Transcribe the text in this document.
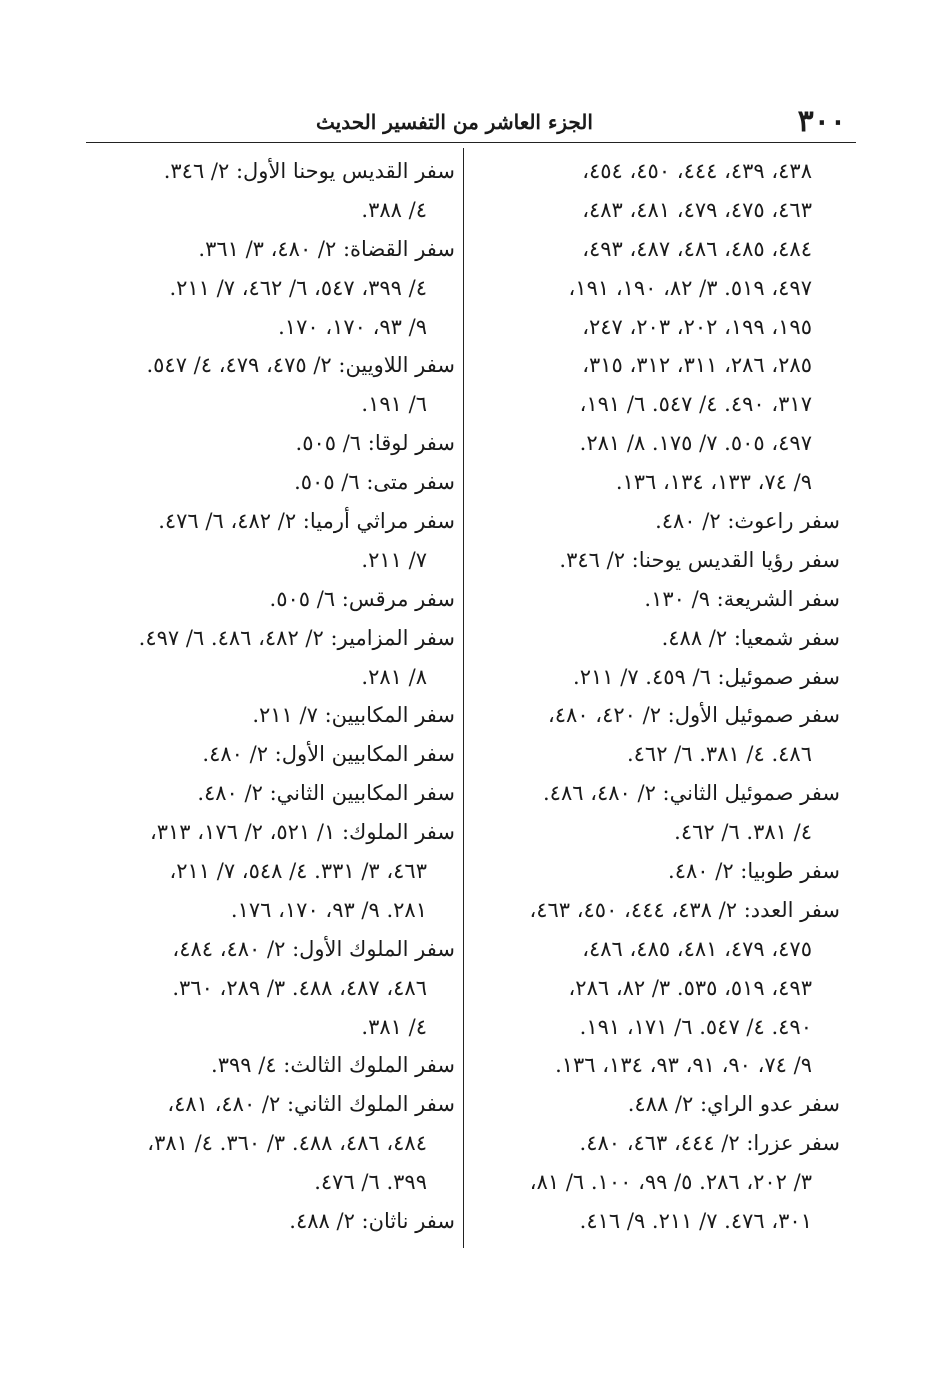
٣٠٠
الجزء العاشر من التفسير الحديث
٤٣٨، ٤٣٩، ٤٤٤، ٤٥٠، ٤٥٤،
٤٦٣، ٤٧٥، ٤٧٩، ٤٨١، ٤٨٣،
٤٨٤، ٤٨٥، ٤٨٦، ٤٨٧، ٤٩٣،
٤٩٧، ٥١٩. ٣/ ٨٢، ١٩٠، ١٩١،
١٩٥، ١٩٩، ٢٠٢، ٢٠٣، ٢٤٧،
٢٨٥، ٢٨٦، ٣١١، ٣١٢، ٣١٥،
٣١٧، ٤٩٠. ٤/ ٥٤٧. ٦/ ١٩١،
٤٩٧، ٥٠٥. ٧/ ١٧٥. ٨/ ٢٨١.
٩/ ٧٤، ١٣٣، ١٣٤، ١٣٦.
سفر راعوث: ٢/ ٤٨٠.
سفر رؤيا القديس يوحنا: ٢/ ٣٤٦.
سفر الشريعة: ٩/ ١٣٠.
سفر شمعيا: ٢/ ٤٨٨.
سفر صموئيل: ٦/ ٤٥٩. ٧/ ٢١١.
سفر صموئيل الأول: ٢/ ٤٢٠، ٤٨٠،
٤٨٦. ٤/ ٣٨١. ٦/ ٤٦٢.
سفر صموئيل الثاني: ٢/ ٤٨٠، ٤٨٦.
٤/ ٣٨١. ٦/ ٤٦٢.
سفر طوبيا: ٢/ ٤٨٠.
سفر العدد: ٢/ ٤٣٨، ٤٤٤، ٤٥٠، ٤٦٣،
٤٧٥، ٤٧٩، ٤٨١، ٤٨٥، ٤٨٦،
٤٩٣، ٥١٩، ٥٣٥. ٣/ ٨٢، ٢٨٦،
٤٩٠. ٤/ ٥٤٧. ٦/ ١٧١، ١٩١.
٩/ ٧٤، ٩٠، ٩١، ٩٣، ١٣٤، ١٣٦.
سفر عدو الراي: ٢/ ٤٨٨.
سفر عزرا: ٢/ ٤٤٤، ٤٦٣، ٤٨٠.
٣/ ٢٠٢، ٢٨٦. ٥/ ٩٩، ١٠٠. ٦/ ٨١،
٣٠١، ٤٧٦. ٧/ ٢١١. ٩/ ٤١٦.
سفر القديس يوحنا الأول: ٢/ ٣٤٦.
٤/ ٣٨٨.
سفر القضاة: ٢/ ٤٨٠، ٣/ ٣٦١.
٤/ ٣٩٩، ٥٤٧، ٦/ ٤٦٢، ٧/ ٢١١.
٩/ ٩٣، ١٧٠، ١٧٠.
سفر اللاويين: ٢/ ٤٧٥، ٤٧٩، ٤/ ٥٤٧.
٦/ ١٩١.
سفر لوقا: ٦/ ٥٠٥.
سفر متى: ٦/ ٥٠٥.
سفر مراثي أرميا: ٢/ ٤٨٢، ٦/ ٤٧٦.
٧/ ٢١١.
سفر مرقس: ٦/ ٥٠٥.
سفر المزامير: ٢/ ٤٨٢، ٤٨٦. ٦/ ٤٩٧.
٨/ ٢٨١.
سفر المكابيين: ٧/ ٢١١.
سفر المكابيين الأول: ٢/ ٤٨٠.
سفر المكابيين الثاني: ٢/ ٤٨٠.
سفر الملوك: ١/ ٥٢١، ٢/ ١٧٦، ٣١٣،
٤٦٣، ٣/ ٣٣١. ٤/ ٥٤٨، ٧/ ٢١١،
٢٨١. ٩/ ٩٣، ١٧٠، ١٧٦.
سفر الملوك الأول: ٢/ ٤٨٠، ٤٨٤،
٤٨٦، ٤٨٧، ٤٨٨. ٣/ ٢٨٩، ٣٦٠.
٤/ ٣٨١.
سفر الملوك الثالث: ٤/ ٣٩٩.
سفر الملوك الثاني: ٢/ ٤٨٠، ٤٨١،
٤٨٤، ٤٨٦، ٤٨٨. ٣/ ٣٦٠. ٤/ ٣٨١،
٣٩٩. ٦/ ٤٧٦.
سفر ناثان: ٢/ ٤٨٨.
